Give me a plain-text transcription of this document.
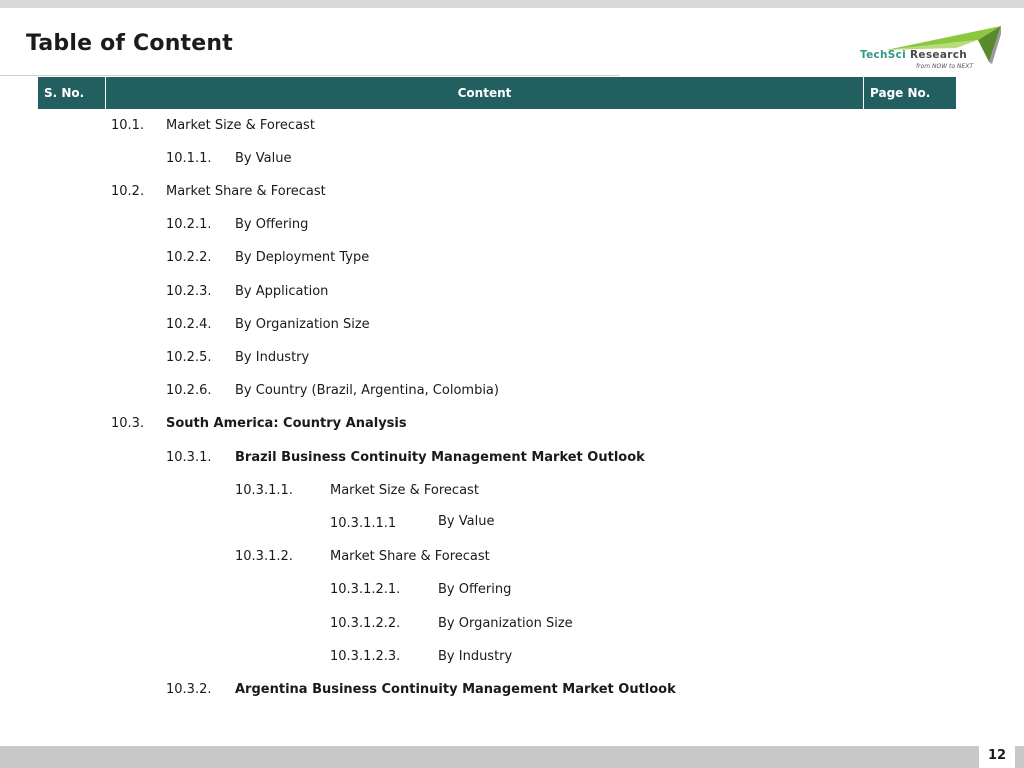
Table of Content	TechSci Research
from NOW to NEXT
S. No.	Content	Page No.
10.1. Market Size & Forecast
10.1.1. By Value
10.2. Market Share & Forecast
10.2.1. By Offering
10.2.2. By Deployment Type
10.2.3. By Application
10.2.4. By Organization Size
10.2.5. By Industry
10.2.6. By Country (Brazil, Argentina, Colombia)
10.3. South America: Country Analysis
10.3.1. Brazil Business Continuity Management Market Outlook
10.3.1.1.	Market Size & Forecast
10.3.1.1.1	By Value
10.3.1.2.	Market Share & Forecast
10.3.1.2.1.	By Offering
10.3.1.2.2.	By Organization Size
10.3.1.2.3.	By Industry
10.3.2. Argentina Business Continuity Management Market Outlook
12
